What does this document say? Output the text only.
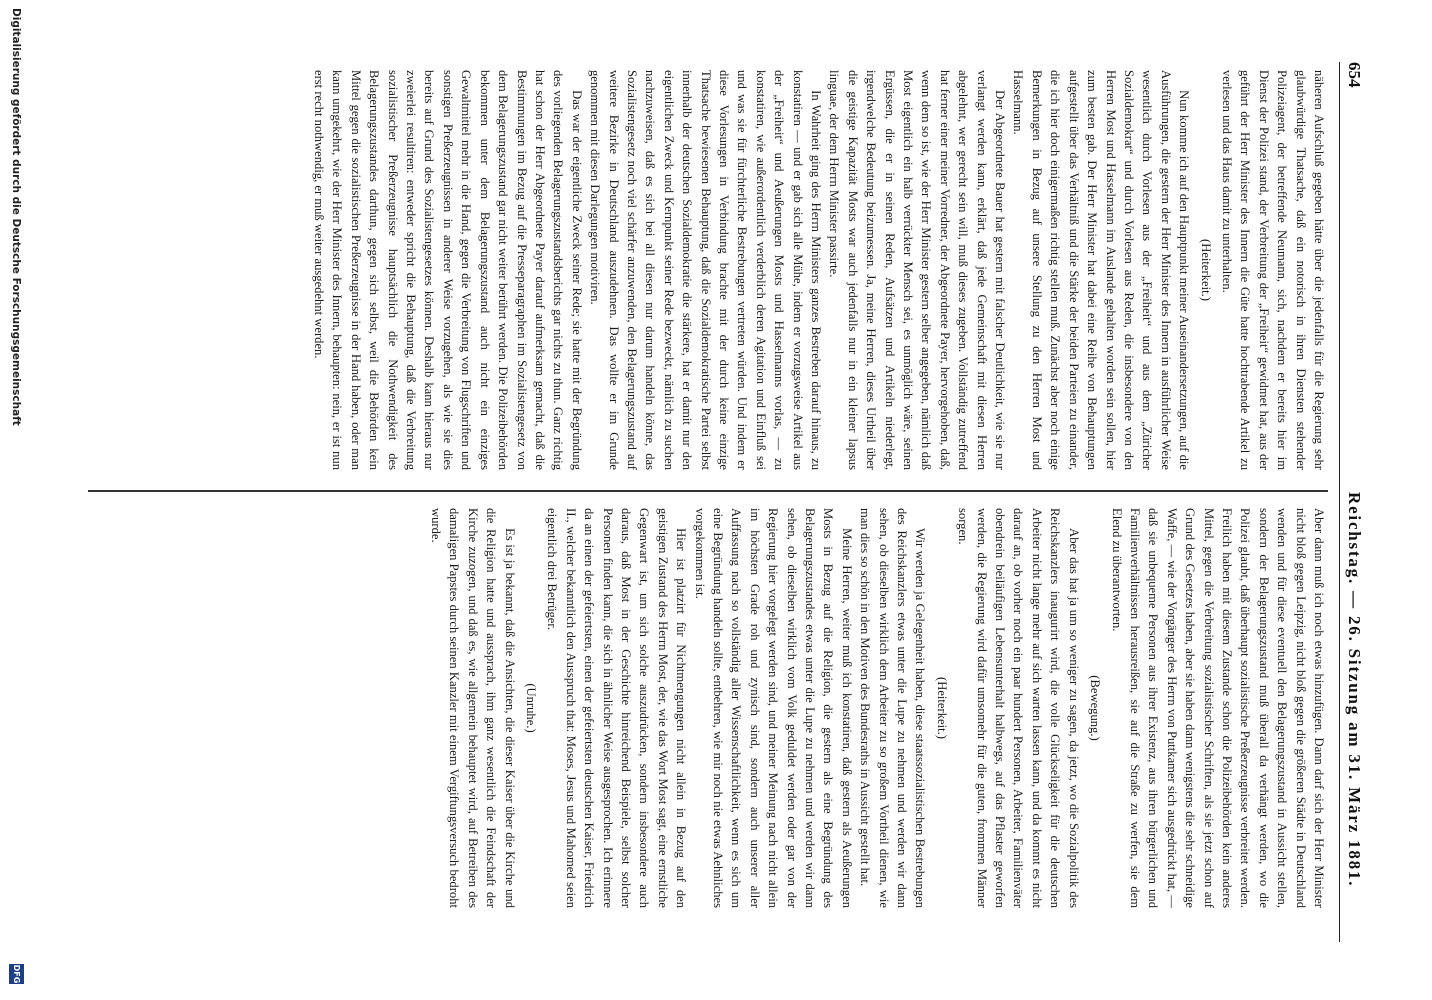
654
Reichstag. — 26. Sitzung am 31. März 1881.

näheren Aufschluß gegeben hätte über die jedenfalls für die Regierung sehr glaubwürdige Thatsache, daß ein notorisch in ihren Diensten stehender Polizeiagent, der betreffende Neumann, sich, nachdem er bereits hier im Dienst der Polizei stand, der Verbreitung der „Freiheit“ gewidmet hat, aus der geführt der Herr Minister des Innern die Güte hatte hochtrabende Artikel zu verlesen und das Haus damit zu unterhalten.

(Heiterkeit.)

Nun komme ich auf den Hauptpunkt meiner Auseinandersetzungen, auf die Ausführungen, die gestern der Herr Minister des Innern in ausführlicher Weise wesentlich durch Vorlesen aus der „Freiheit“ und aus dem „Züricher Sozialdemokrat“ und durch Vorlesen aus Reden, die insbesondere von den Herren Most und Hasselmann im Auslande gehalten worden sein sollen, hier zum besten gab. Der Herr Minister hat dabei eine Reihe von Behauptungen aufgestellt über das Verhältniß und die Stärke der beiden Parteien zu einander, die ich hier doch einigermaßen richtig stellen muß. Zunächst aber noch einige Bemerkungen in Bezug auf unsere Stellung zu den Herren Most und Hasselmann.

Der Abgeordnete Bauer hat gestern mit falscher Deutlichkeit, wie sie nur verlangt werden kann, erklärt, daß jede Gemeinschaft mit diesen Herren abgelehnt, wer gerecht sein will, muß dieses zugeben. Vollständig zutreffend hat ferner einer meiner Vorredner, der Abgeordnete Payer, hervorgehoben, daß, wenn dem so ist, wie der Herr Minister gestern selber angegeben, nämlich daß Most eigentlich ein halb verrückter Mensch sei, es unmöglich wäre, seinen Ergüssen, die er in seinen Reden, Aufsätzen und Artikeln niederlegt, irgendwelche Bedeutung beizumessen. Ja, meine Herren, dieses Urtheil über die geistige Kapazität Mosts war auch jedenfalls nur in ein kleiner lapsus linguae, der dem Herrn Minister passirte.

In Wahrheit ging des Herrn Ministers ganzes Bestreben darauf hinaus, zu konstatiren — und er gab sich alle Mühe, indem er vorzugsweise Artikel aus der „Freiheit“ und Aeußerungen Mosts und Hasselmanns vorlas, — zu konstatiren, wie außerordentlich verderblich deren Agitation und Einfluß sei und was sie für fürchterliche Bestrebungen vertreten würden. Und indem er diese Vorlesungen in Verbindung brachte mit der durch keine einzige Thatsache bewiesenen Behauptung, daß die Sozialdemokratische Partei selbst innerhalb der deutschen Sozialdemokratie die stärkere, hat er damit nur den eigentlichen Zweck und Kernpunkt seiner Rede bezweckt, nämlich zu suchen nachzuweisen, daß es sich bei all diesen nur darum handeln könne, das Sozialistengesetz noch viel schärfer anzuwenden, den Belagerungszustand auf weitere Bezirke in Deutschland auszudehnen. Das wollte er im Grunde genommen mit diesen Darlegungen motiviren.

Das war der eigentliche Zweck seiner Rede; sie hatte mit der Begründung des vorliegenden Belagerungszustandsberichts gar nichts zu thun. Ganz richtig hat schon der Herr Abgeordnete Payer darauf aufmerksam gemacht, daß die Bestimmungen im Bezug auf die Presseparagraphen im Sozialistengesetz von dem Belagerungszustand gar nicht weiter berührt werden. Die Polizeibehörden bekommen unter dem Belagerungszustand auch nicht ein einziges Gewaltmittel mehr in die Hand, gegen die Verbreitung von Flugschriften und sonstigen Preßerzeugnissen in anderer Weise vorzugehen, als wie sie dies bereits auf Grund des Sozialistengesetzes können. Deshalb kann hieraus nur zweierlei resultiren: entweder spricht die Behauptung, daß die Verbreitung sozialistischer Preßerzeugnisse hauptsächlich die Nothwendigkeit des Belagerungszustandes darthun, gegen sich selbst, weil die Behörden kein Mittel gegen die sozialistischen Preßerzeugnisse in der Hand haben, oder man kann umgekehrt, wie der Herr Minister des Innern, behaupten: nein, er ist nun erst recht nothwendig, er muß weiter ausgedehnt werden.

Aber dann muß ich noch etwas hinzufügen. Dann darf sich der Herr Minister nicht bloß gegen Leipzig, nicht bloß gegen die größeren Städte in Deutschland wenden und für diese eventuell den Belagerungszustand in Aussicht stellen, sondern der Belagerungszustand muß überall da verhängt werden, wo die Polizei glaubt, daß überhaupt sozialistische Preßerzeugnisse verbreitet werden. Freilich haben mit diesem Zustande schon die Polizeibehörden kein anderes Mittel, gegen die Verbreitung sozialistischer Schriften, als sie jetzt schon auf Grund des Gesetzes haben, aber sie haben dann wenigstens die sehr schneidige Waffe, — wie der Vorgänger des Herrn von Puttkamer sich ausgedrückt hat, — daß sie unbequeme Personen aus ihrer Existenz, aus ihren bürgerlichen und Familienverhältnissen herausreißen, sie auf die Straße zu werfen, sie dem Elend zu überantworten.

(Bewegung.)

Aber das hat ja um so weniger zu sagen, da jetzt, wo die Sozialpolitik des Reichskanzlers inaugurirt wird, die volle Glückseligkeit für die deutschen Arbeiter nicht lange mehr auf sich warten lassen kann, und da kommt es nicht darauf an, ob vorher noch ein paar hundert Personen, Arbeiter, Familienväter obendrein beiläufigen Lebensunterhalt halbwegs, auf das Pflaster geworfen werden, die Regierung wird dafür umsomehr für die guten, frommen Männer sorgen.

(Heiterkeit.)

Wir werden ja Gelegenheit haben, diese staatssozialistischen Bestrebungen des Reichskanzlers etwas unter die Lupe zu nehmen und werden wir dann sehen, ob dieselben wirklich dem Arbeiter zu so großem Vortheil dienen, wie man dies so schön in den Motiven des Bundesraths in Aussicht gestellt hat.

Meine Herren, weiter muß ich konstatiren, daß gestern als Aeußerungen Mosts in Bezug auf die Religion, die gestern als eine Begründung des Belagerungszustandes etwas unter die Lupe zu nehmen und werden wir dann sehen, ob dieselben wirklich vom Volk geduldet werden oder gar von der Regierung hier vorgelegt werden sind, und meiner Meinung nach nicht allein im höchsten Grade roh und zynisch sind, sondern auch unserer aller Auffassung nach so vollständig aller Wissenschaftlichkeit, wenn es sich um eine Begründung handeln sollte, entbehren, wie mir noch nie etwas Aehnliches vorgekommen ist.

Hier ist platzirt für Nichtmengungen nicht allein in Bezug auf den geistigen Zustand des Herrn Most, der, wie das Wort Most sagt, eine ernstliche Gegenwart ist, um sich solche auszudrücken, sondern insbesondere auch daraus, daß Most in der Geschichte hinreichend Beispiele, selbst solcher Personen finden kann, die sich in ähnlicher Weise ausgesprochen. Ich erinnere da an einen der gefeiertsten, einen der gefeiertsten deutschen Kaiser, Friedrich II., welcher bekanntlich den Ausspruch that: Moses, Jesus und Mahomed seien eigentlich drei Betrüger.

(Unruhe.)

Es ist ja bekannt, daß die Ansichten, die dieser Kaiser über die Kirche und die Religion hatte und aussprach, ihm ganz wesentlich die Feindschaft der Kirche zuzogen, und daß es, wie allgemein behauptet wird, auf Betreiben des damaligen Papstes durch seinen Kanzler mit einem Vergiftungsversuch bedroht wurde.

Digitalisierung gefördert durch die Deutsche Forschungsgemeinschaft
DFG
